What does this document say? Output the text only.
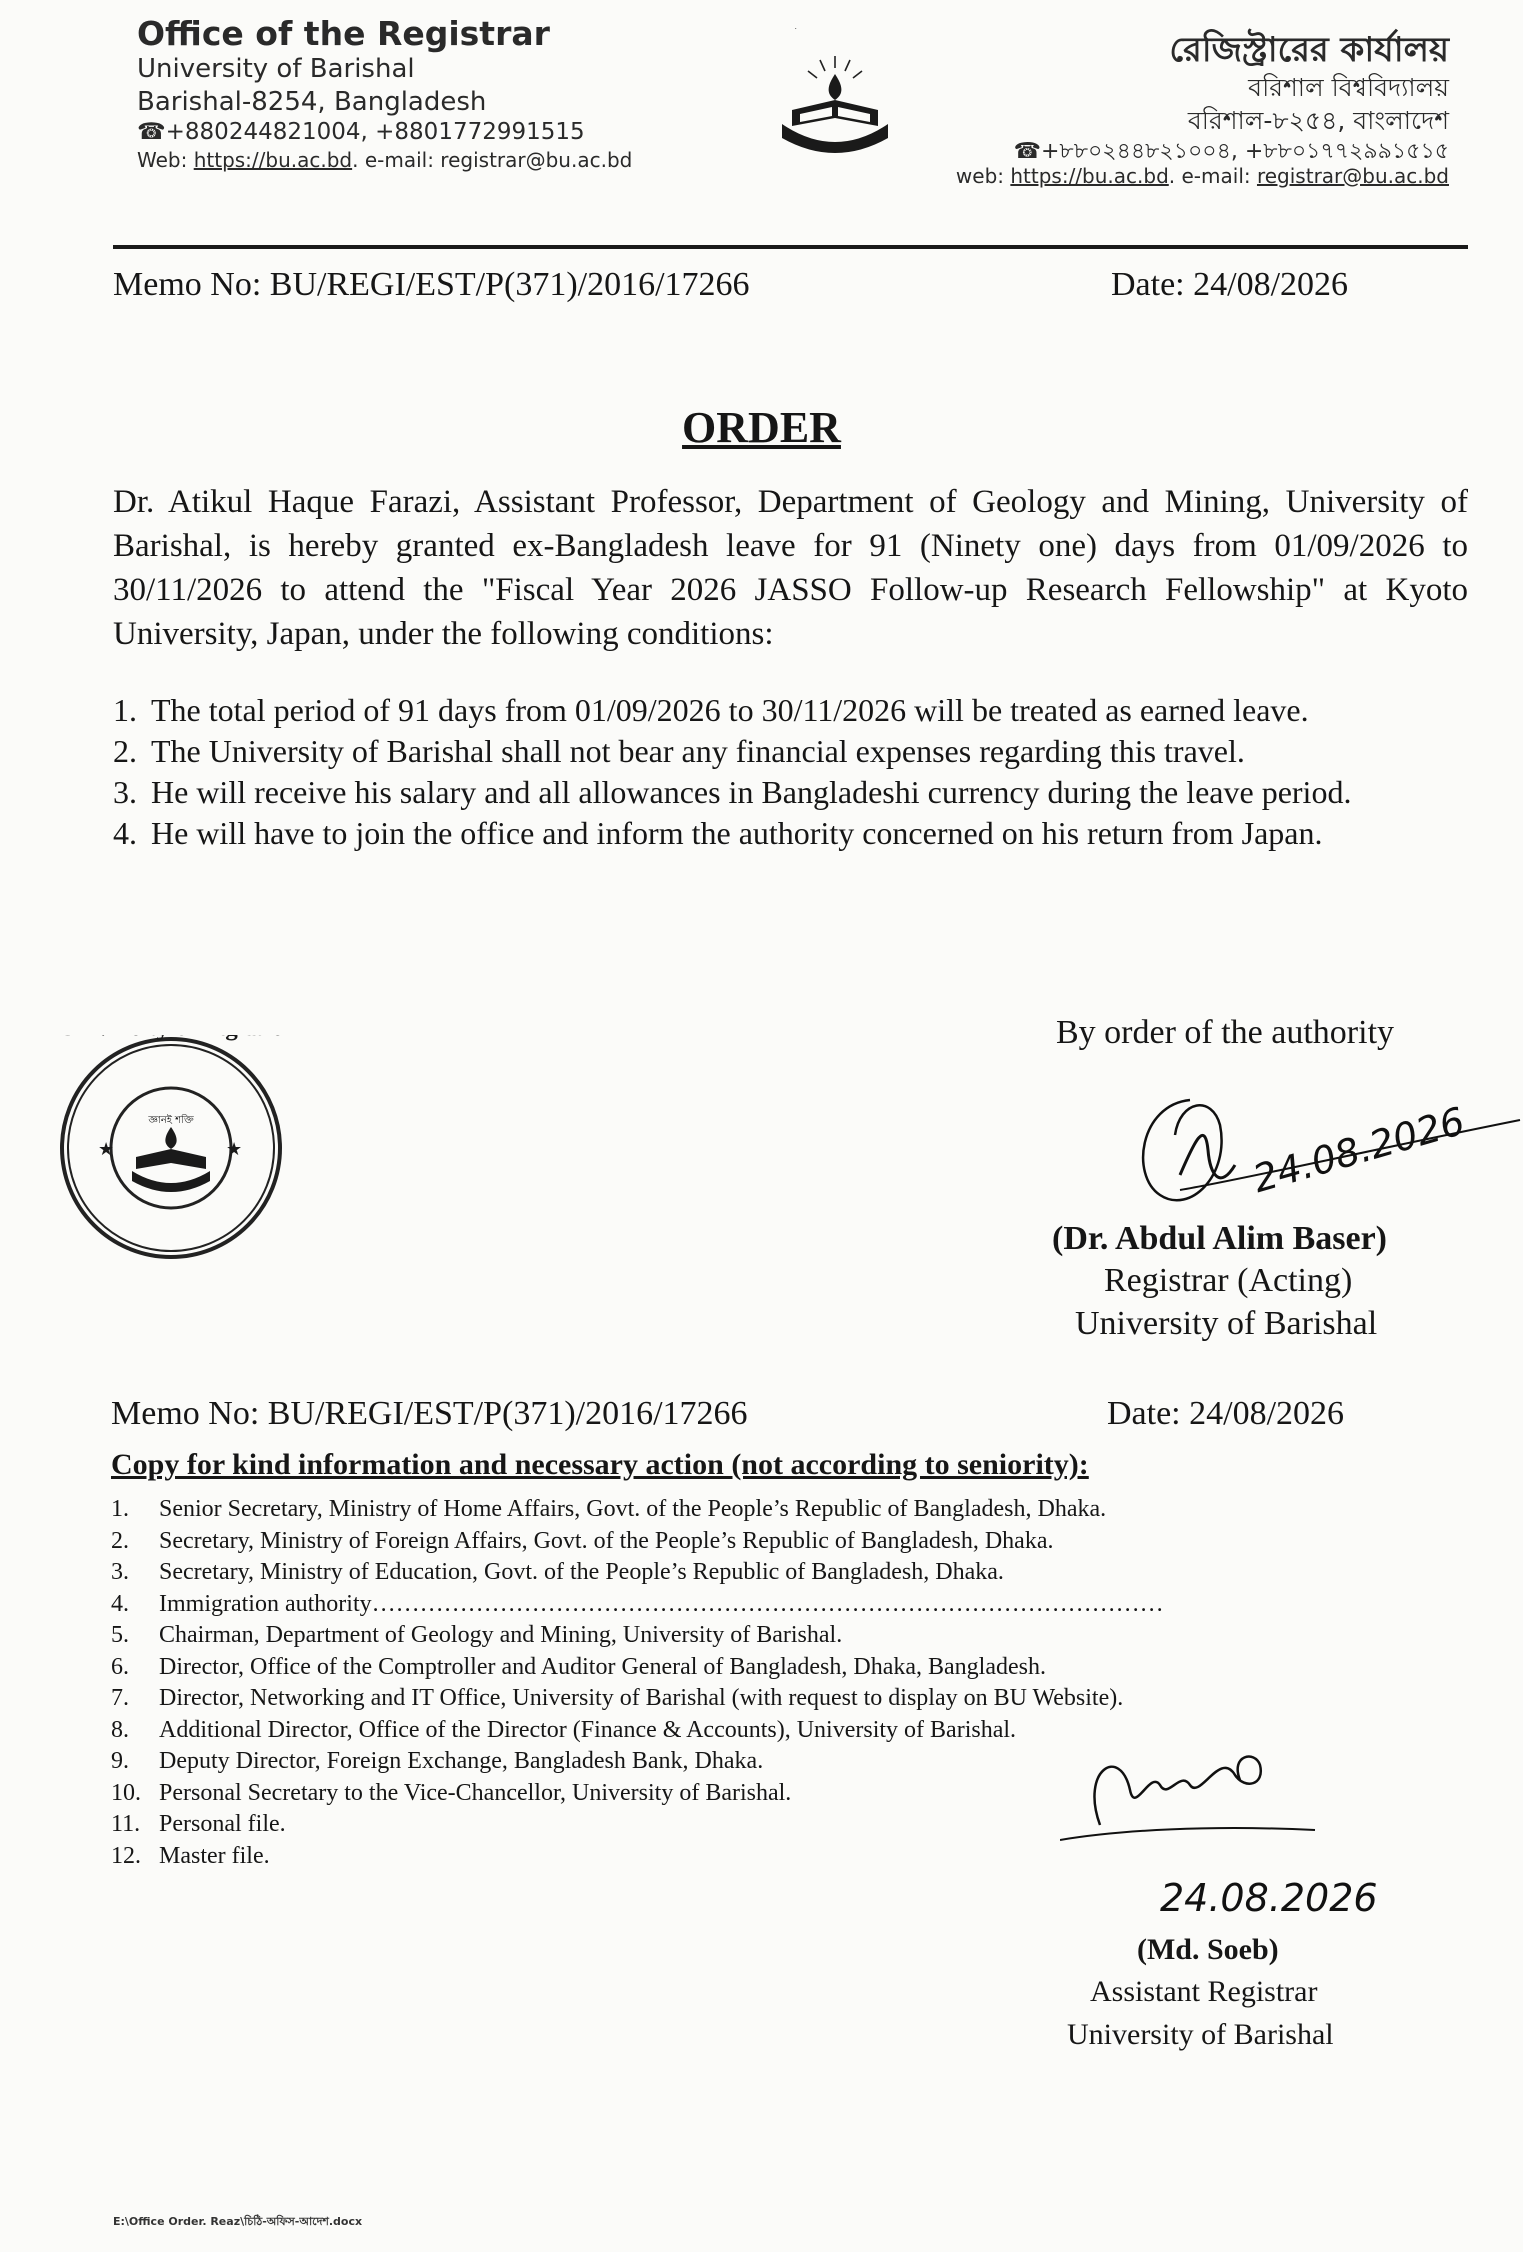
Office of the Registrar
University of Barishal
Barishal-8254, Bangladesh
☎+880244821004, +8801772991515
Web: https://bu.ac.bd. e-mail: registrar@bu.ac.bd
রেজিস্ট্রারের কার্যালয়
বরিশাল বিশ্ববিদ্যালয়
বরিশাল-৮২৫৪, বাংলাদেশ
☎+৮৮০২৪৪৮২১০০৪, +৮৮০১৭৭২৯৯১৫১৫
web: https://bu.ac.bd. e-mail: registrar@bu.ac.bd
Memo No: BU/REGI/EST/P(371)/2016/17266	Date: 24/08/2026
ORDER
Dr. Atikul Haque Farazi, Assistant Professor, Department of Geology and Mining, University of Barishal, is hereby granted ex-Bangladesh leave for 91 (Ninety one) days from 01/09/2026 to 30/11/2026 to attend the "Fiscal Year 2026 JASSO Follow-up Research Fellowship" at Kyoto University, Japan, under the following conditions:
1. The total period of 91 days from 01/09/2026 to 30/11/2026 will be treated as earned leave.
2. The University of Barishal shall not bear any financial expenses regarding this travel.
3. He will receive his salary and all allowances in Bangladeshi currency during the leave period.
4. He will have to join the office and inform the authority concerned on his return from Japan.
★	★
জ্ঞানই শক্তি
By order of the authority
24.08.2026
(Dr. Abdul Alim Baser)
Registrar (Acting)
University of Barishal
Memo No: BU/REGI/EST/P(371)/2016/17266	Date: 24/08/2026
Copy for kind information and necessary action (not according to seniority):
1.	Senior Secretary, Ministry of Home Affairs, Govt. of the People’s Republic of Bangladesh, Dhaka.
2.	Secretary, Ministry of Foreign Affairs, Govt. of the People’s Republic of Bangladesh, Dhaka.
3.	Secretary, Ministry of Education, Govt. of the People’s Republic of Bangladesh, Dhaka.
4.	Immigration authority………………………………………………………………………………………
5.	Chairman, Department of Geology and Mining, University of Barishal.
6.	Director, Office of the Comptroller and Auditor General of Bangladesh, Dhaka, Bangladesh.
7.	Director, Networking and IT Office, University of Barishal (with request to display on BU Website).
8.	Additional Director, Office of the Director (Finance & Accounts), University of Barishal.
9.	Deputy Director, Foreign Exchange, Bangladesh Bank, Dhaka.
10. Personal Secretary to the Vice-Chancellor, University of Barishal.
11. Personal file.
12. Master file.
24.08.2026
(Md. Soeb)
Assistant Registrar
University of Barishal
E:\Office Order. Reaz\চিঠি-অফিস-আদেশ.docx
